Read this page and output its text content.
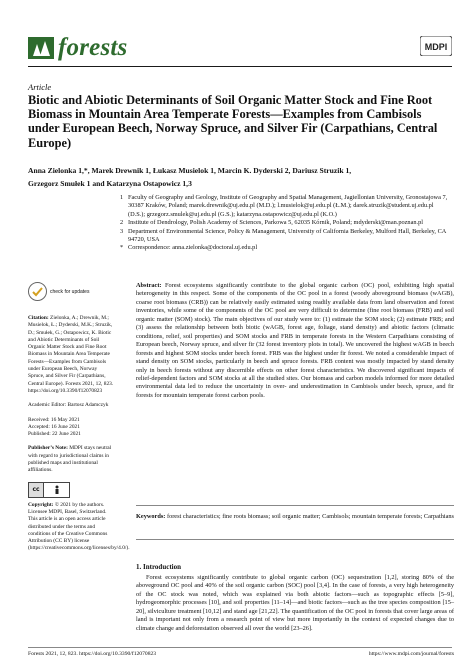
forests	MDPI
Article
Biotic and Abiotic Determinants of Soil Organic Matter Stock and Fine Root Biomass in Mountain Area Temperate Forests—Examples from Cambisols under European Beech, Norway Spruce, and Silver Fir (Carpathians, Central Europe)
Anna Zielonka 1,*, Marek Drewnik 1, Łukasz Musielok 1, Marcin K. Dyderski 2, Dariusz Struzik 1,
Grzegorz Smułek 1 and Katarzyna Ostapowicz 1,3
1 Faculty of Geography and Geology, Institute of Geography and Spatial Management, Jagiellonian University, Gronostajowa 7, 30387 Kraków, Poland; marek.drewnik@uj.edu.pl (M.D.); l.musielok@uj.edu.pl (Ł.M.); darek.struzik@student.uj.edu.pl (D.S.); grzegorz.smulek@uj.edu.pl (G.S.); katarzyna.ostapowicz@uj.edu.pl (K.O.)
2 Institute of Dendrology, Polish Academy of Sciences, Parkowa 5, 62035 Kórnik, Poland; mdyderski@man.poznan.pl
3 Department of Environmental Science, Policy & Management, University of California Berkeley, Mulford Hall, Berkeley, CA 94720, USA
* Correspondence: anna.zielonka@doctoral.uj.edu.pl
check for updates
Citation: Zielonka, A.; Drewnik, M.; Musielok, Ł.; Dyderski, M.K.; Struzik, D.; Smułek, G.; Ostapowicz, K. Biotic and Abiotic Determinants of Soil Organic Matter Stock and Fine Root Biomass in Mountain Area Temperate Forests—Examples from Cambisols under European Beech, Norway Spruce, and Silver Fir (Carpathians, Central Europe). Forests 2021, 12, 823. https://doi.org/10.3390/f12070823
Academic Editor: Bartosz Adamczyk
Received: 16 May 2021
Accepted: 16 June 2021
Published: 22 June 2021
Publisher’s Note: MDPI stays neutral with regard to jurisdictional claims in published maps and institutional affiliations.
cc
Copyright: © 2021 by the authors. Licensee MDPI, Basel, Switzerland. This article is an open access article distributed under the terms and conditions of the Creative Commons Attribution (CC BY) license (https://creativecommons.org/licenses/by/4.0/).
Abstract: Forest ecosystems significantly contribute to the global organic carbon (OC) pool, exhibiting high spatial heterogeneity in this respect. Some of the components of the OC pool in a forest (woody aboveground biomass (wAGB), coarse root biomass (CRB)) can be relatively easily estimated using readily available data from land observation and forest inventories, while some of the components of the OC pool are very difficult to determine (fine root biomass (FRB) and soil organic matter (SOM) stock). The main objectives of our study were to: (1) estimate the SOM stock; (2) estimate FRB; and (3) assess the relationship between both biotic (wAGB, forest age, foliage, stand density) and abiotic factors (climatic conditions, relief, soil properties) and SOM stocks and FRB in temperate forests in the Western Carpathians consisting of European beech, Norway spruce, and silver fir (32 forest inventory plots in total). We uncovered the highest wAGB in beech forests and highest SOM stocks under beech forest. FRB was the highest under fir forest. We noted a considerable impact of stand density on SOM stocks, particularly in beech and spruce forests. FRB content was mostly impacted by stand density only in beech forests without any discernible effects on other forest characteristics. We discovered significant impacts of relief-dependent factors and SOM stocks at all the studied sites. Our biomass and carbon models informed for more detailed environmental data led to reduce the uncertainty in over- and underestimation in Cambisols under beech, spruce, and fir forests for mountain temperate forest carbon pools.
Keywords: forest characteristics; fine roots biomass; soil organic matter; Cambisols; mountain temperate forests; Carpathians
1. Introduction
Forest ecosystems significantly contribute to global organic carbon (OC) sequestration [1,2], storing 80% of the aboveground OC pool and 40% of the soil organic carbon (SOC) pool [3,4]. In the case of forests, a very high heterogeneity of the OC stock was noted, which was explained via both abiotic factors—such as topographic effects [5–9], hydrogeomorphic processes [10], and soil properties [11–14]—and biotic factors—such as the tree species composition [15–20], silviculture treatment [10,12] and stand age [21,22]. The quantification of the OC pool in forests that cover large areas of land is important not only from a research point of view but more importantly in the context of expected changes due to climate change and deforestation observed all over the world [23–26].
Forests 2021, 12, 823. https://doi.org/10.3390/f12070823	https://www.mdpi.com/journal/forests
